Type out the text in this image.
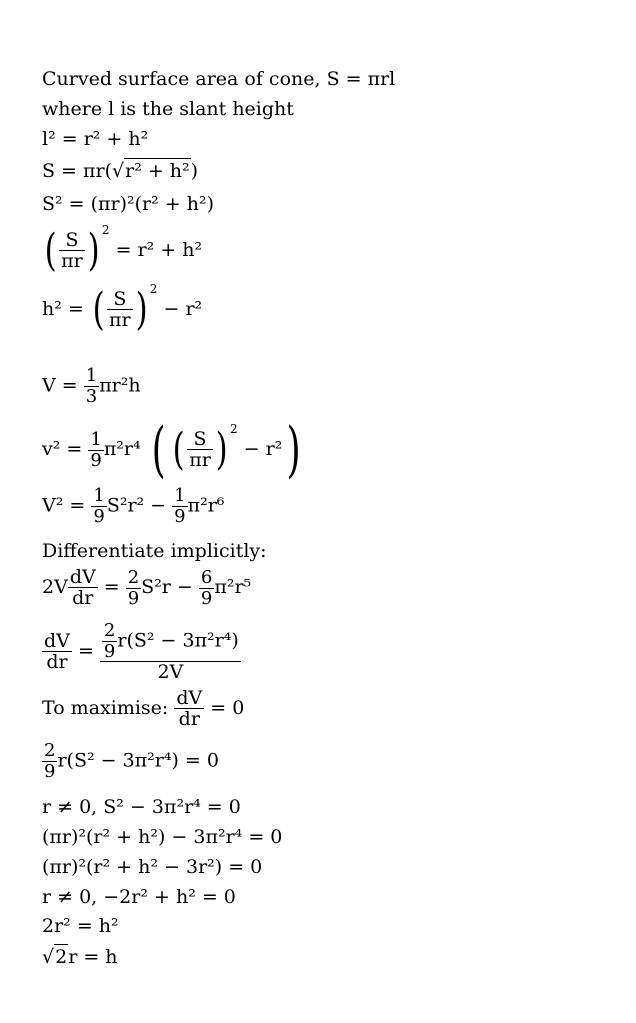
Curved surface area of cone, S = πrl
where l is the slant height
l² = r² + h²
S = πr(√r² + h²)
S² = (πr)²(r² + h²)
( $\frac{S}{\pi r}$ ) 2 = r² + h²
h² = ( $\frac{S}{\pi r}$ ) 2 − r²
$V = \frac{1}{3} \pi r^2h$
$v^2 = \frac{1}{9} \pi^2r^4$ ( ( $\frac{S}{\pi r}$ ) 2 − r²)
$V^2 = \frac{1}{9} S^2r^2 - \frac{1}{9} \pi^2r^6$
Differentiate implicitly:
$2V \frac{dV}{dr} = \frac{2}{9} S^2r - \frac{6}{9} \pi^2r^5$
$\frac{dV}{dr} = \frac{\frac{2}{9} r(S^2 - 3\pi^2r^4)}{2V}$
To maximise: $\frac{dV}{dr} = 0$
$\frac{2}{9} r(S^2 - 3\pi^2r^4) = 0$
r ≠ 0, S² − 3π²r⁴ = 0
(πr)²(r² + h²) − 3π²r⁴ = 0
(πr)²(r² + h² − 3r²) = 0
r ≠ 0, −2r² + h² = 0
2r² = h²
√2r = h
